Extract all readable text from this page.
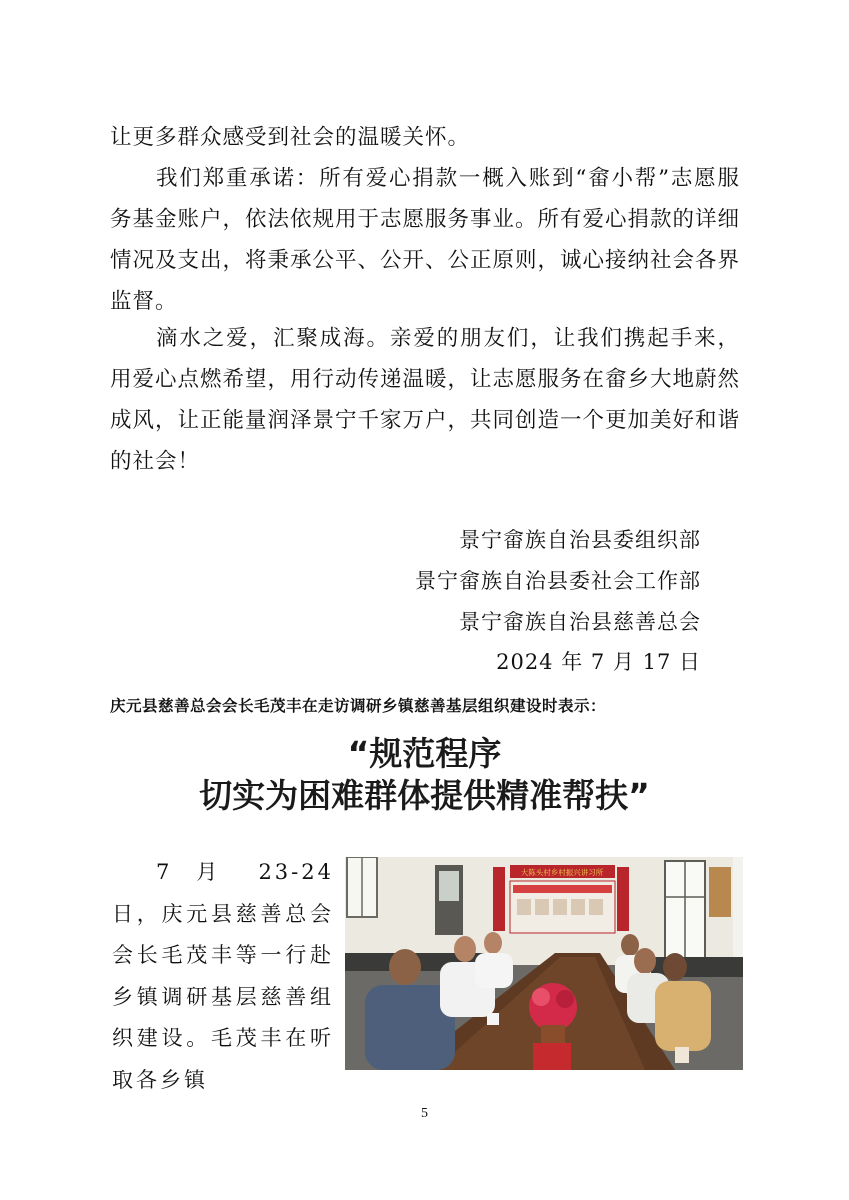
让更多群众感受到社会的温暖关怀。
我们郑重承诺：所有爱心捐款一概入账到“畲小帮”志愿服务基金账户，依法依规用于志愿服务事业。所有爱心捐款的详细情况及支出，将秉承公平、公开、公正原则，诚心接纳社会各界监督。
滴水之爱，汇聚成海。亲爱的朋友们，让我们携起手来，用爱心点燃希望，用行动传递温暖，让志愿服务在畲乡大地蔚然成风，让正能量润泽景宁千家万户，共同创造一个更加美好和谐的社会！
景宁畲族自治县委组织部
景宁畲族自治县委社会工作部
景宁畲族自治县慈善总会
2024 年 7 月 17 日
庆元县慈善总会会长毛茂丰在走访调研乡镇慈善基层组织建设时表示：
“规范程序
切实为困难群体提供精准帮扶”
7 月 23-24 日，庆元县慈善总会会长毛茂丰等一行赴乡镇调研基层慈善组织建设。毛茂丰在听取各乡镇
大陈头村乡村振兴讲习所
5
